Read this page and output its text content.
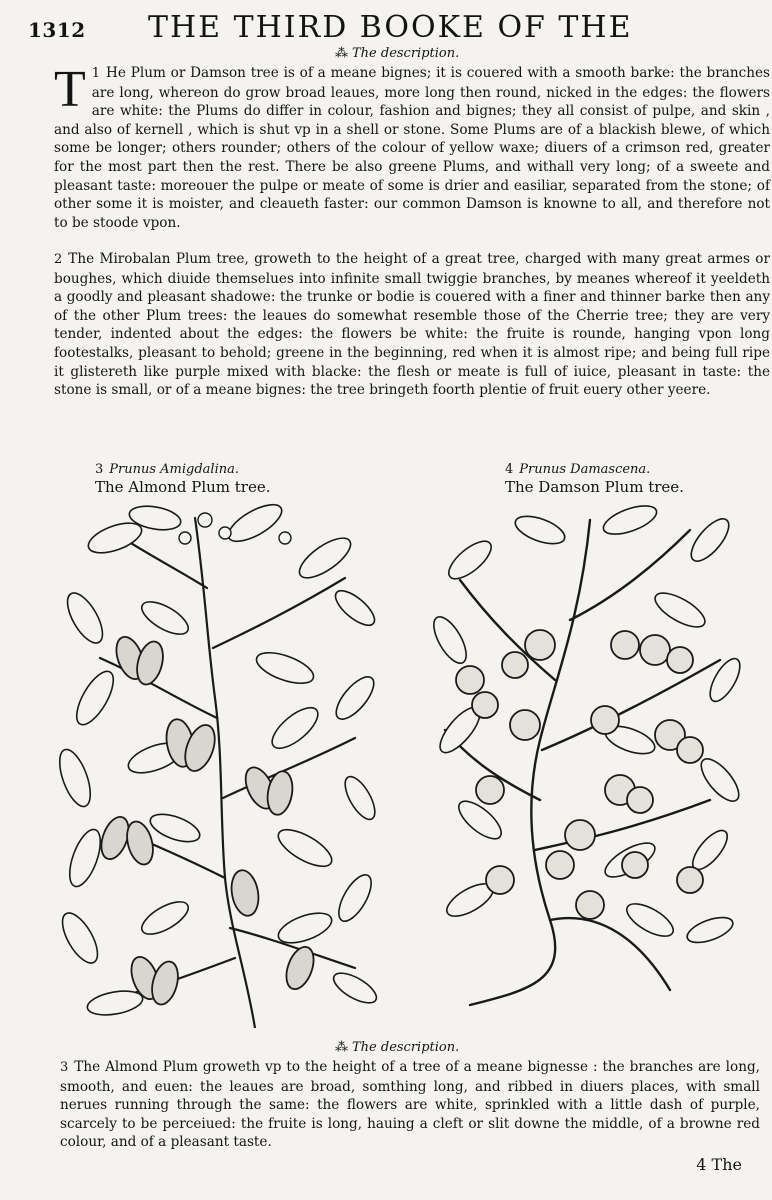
1312 THE THIRD BOOKE OF THE
⁂ The description.
1
T He Plum or Damson tree is of a meane bignes; it is couered with a smooth barke: the branches are long, whereon do grow broad leaues, more long then round, nicked in the edges: the flowers are white: the Plums do differ in colour, fashion and bignes; they all consist of pulpe, and skin , and also of kernell , which is shut vp in a shell or stone. Some Plums are of a blackish blewe, of which some be longer; others rounder; others of the colour of yellow waxe; diuers of a crimson red, greater for the most part then the rest. There be also greene Plums, and withall very long; of a sweete and pleasant taste: moreouer the pulpe or meate of some is drier and easiliar, separated from the stone; of other some it is moister, and cleaueth faster: our common Damson is knowne to all, and therefore not to be stoode vpon.
2 The Mirobalan Plum tree, groweth to the height of a great tree, charged with many great armes or boughes, which diuide themselues into infinite small twiggie branches, by meanes whereof it yeeldeth a goodly and pleasant shadowe: the trunke or bodie is couered with a finer and thinner barke then any of the other Plum trees: the leaues do somewhat resemble those of the Cherrie tree; they are very tender, indented about the edges: the flowers be white: the fruite is rounde, hanging vpon long footestalks, pleasant to behold; greene in the beginning, red when it is almost ripe; and being full ripe it glistereth like purple mixed with blacke: the flesh or meate is full of iuice, pleasant in taste: the stone is small, or of a meane bignes: the tree bringeth foorth plentie of fruit euery other yeere.
3 Prunus Amigdalina.
The Almond Plum tree.
4 Prunus Damascena.
The Damson Plum tree.
⁂ The description.
3 The Almond Plum groweth vp to the height of a tree of a meane bignesse : the branches are long, smooth, and euen: the leaues are broad, somthing long, and ribbed in diuers places, with small nerues running through the same: the flowers are white, sprinkled with a little dash of purple, scarcely to be perceiued: the fruite is long, hauing a cleft or slit downe the middle, of a browne red colour, and of a pleasant taste.
4 The
